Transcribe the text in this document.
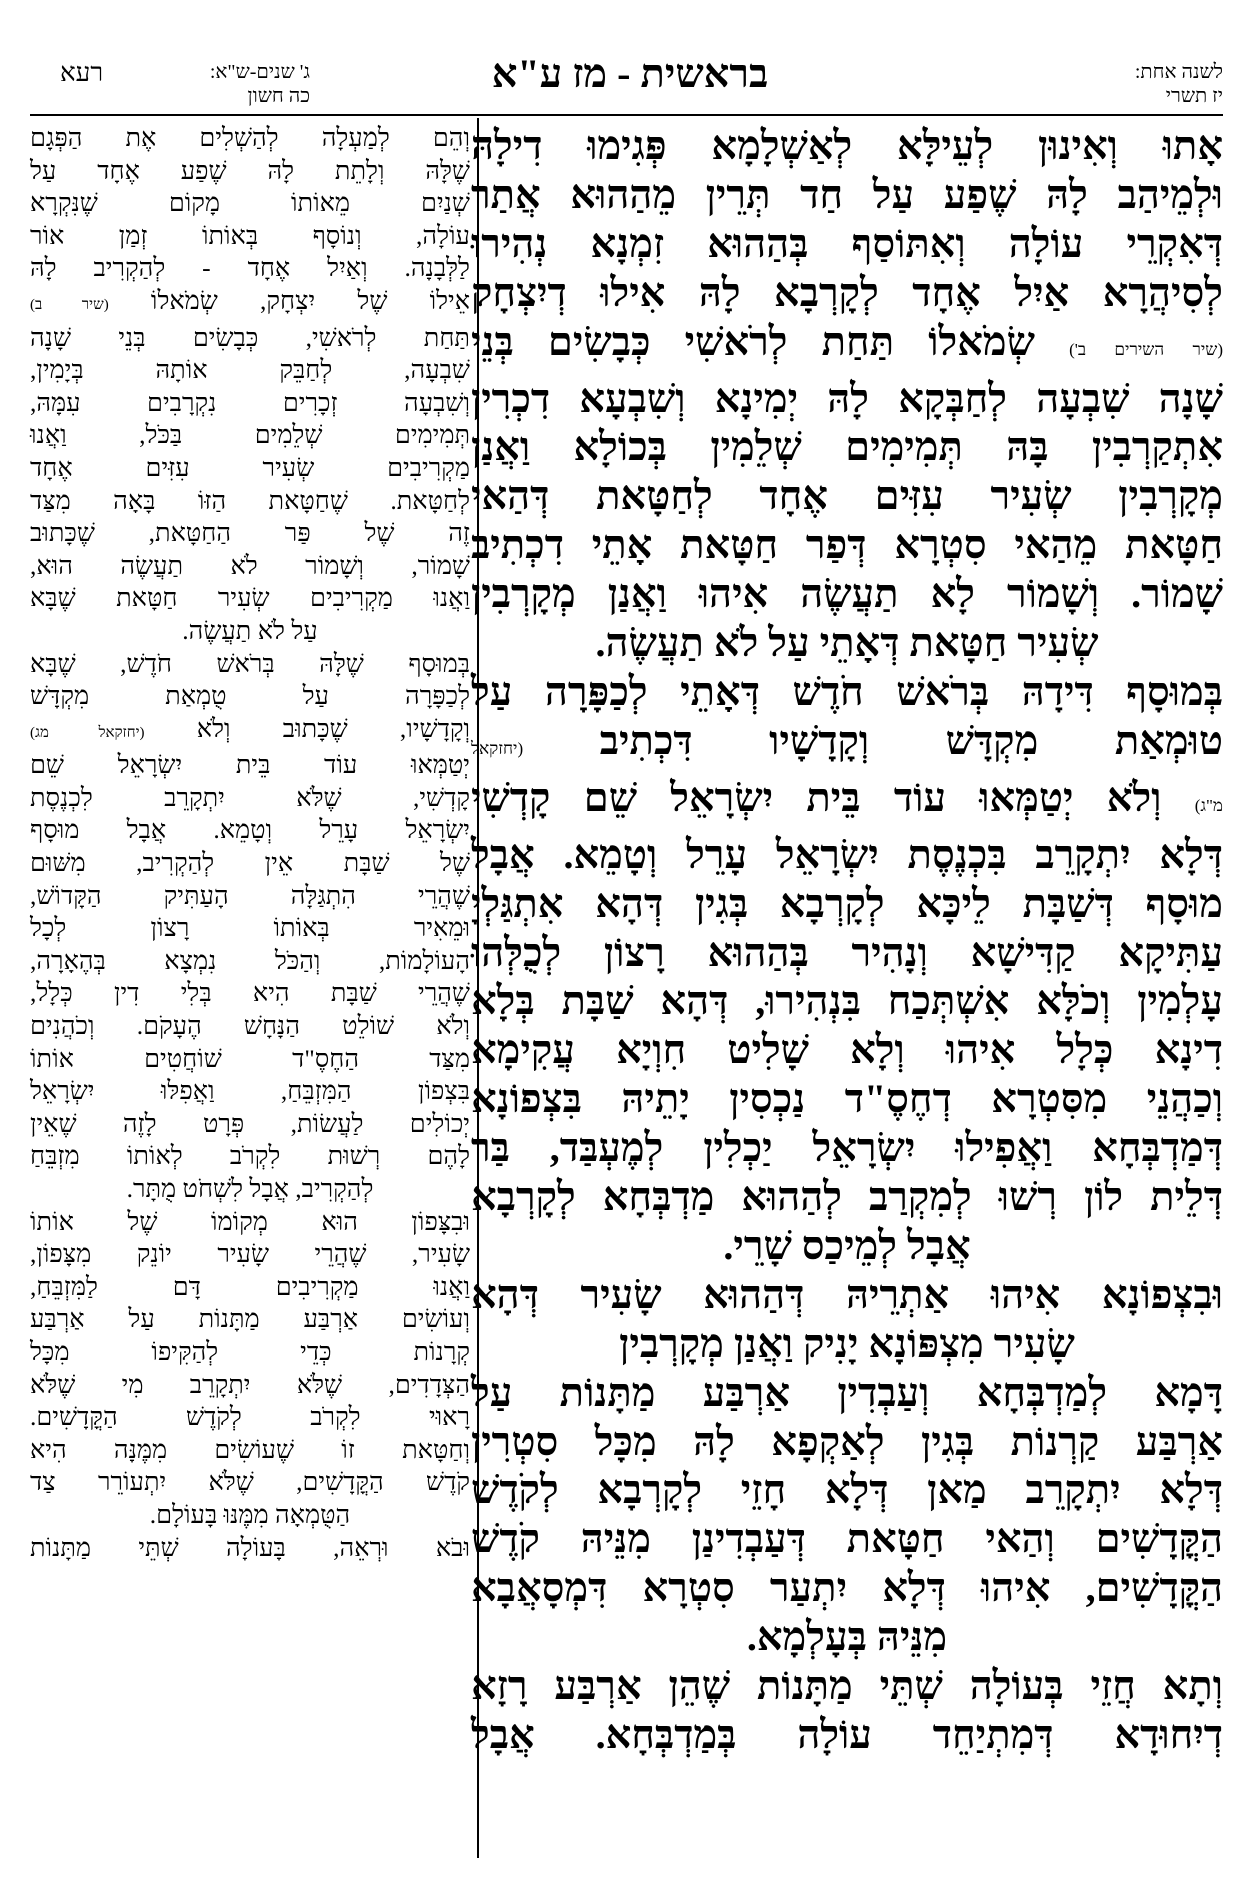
לשנה אחת:
יז תשרי
בראשית - מז ע"א
ג' שנים-ש"א:
כה חשון
רעא

אָתוּ וְאִינוּן לְעֵילָּא לְאַשְׁלָמָא פְּגִימוּ דִילָהּ

וּלְמֵיהַב לָהּ שֶׁפַע עַל חַד תְּרֵין מֵהַהוּא אֲתַר

דְּאִקְרֵי עוֹלָה וְאִתּוֹסַף בְּהַהוּא זִמְנָא נְהִירוּ

לְסִיהֲרָא אַיִל אֶחָד לְקָרְבָא לָהּ אִילוּ דְיִצְחָק

(שיר השירים ב') שְׂמֹאלוֹ תַּחַת לְרֹאשִׁי כְּבָשִׂים בְּנֵי

שָׁנָה שִׁבְעָה לְחַבְּקָא לָהּ יְמִינָא וְשִׁבְעָא דִכְרִין

אִתְקַרְבִין בָּהּ תְּמִימִים שְׁלֵמִין בְּכוֹלָא וַאֲנַן

מְקָרְבִין שְׂעִיר עִזִּים אֶחָד לְחַטָּאת דְּהַאי

חַטָּאת מֵהַאי סִטְרָא דְּפַר חַטָּאת אָתֵי דִכְתִיב

שָׁמוֹר. וְשָׁמוֹר לָא תַעֲשֶׂה אִיהוּ וַאֲנַן מְקָרְבִין

שְׂעִיר חַטָּאת דְּאָתֵי עַל לֹא תַעֲשֶׂה.

בְּמוּסָף דִּידָהּ בְּרֹאשׁ חֹדֶשׁ דְּאָתֵי לְכַפָּרָה עַל

טוּמְאַת מִקְדָּשׁ וְקָדָשָׁיו דִּכְתִיב (יחזקאל

מ"ג) וְלֹא יְטַמְּאוּ עוֹד בֵּית יִשְׂרָאֵל שֵׁם קָדְשִׁי

דְּלָא יִתְקָרֵב בִּכְנֶסֶת יִשְׂרָאֵל עָרֵל וְטָמֵא. אֲבָל

מוּסָף דְּשַׁבָּת לֵיכָּא לְקָרְבָא בְּגִין דְּהָא אִתְגַּלְיָ

עַתִּיקָא קַדִּישָׁא וְנָהִיר בְּהַהוּא רָצוֹן לְכֻלְּהוּ

עָלְמִין וְכֹלָּא אִשְׁתְּכַח בִּנְהִירוּ, דְּהָא שַׁבָּת בְּלָא

דִינָא כְּלָל אִיהוּ וְלָא שָׁלִיט חִוְיָא עֲקִימָא

וְכַהֲנֵי מִסִּטְרָא דְחֶסֶ"ד נַכְסִין יָתֵיהּ בִּצְפוֹנָא

דְּמַדְבְּחָא וַאֲפִילוּ יִשְׂרָאֵל יַכְלִין לְמֶעְבַּד, בַּר

דְּלֵית לוֹן רְשׁוּ לְמִקְרַב לְהַהוּא מַדְבְּחָא לְקָרְבָא

אֲבָל לְמֵיכַס שָׁרֵי.

וּבִצְפוֹנָא אִיהוּ אַתְרֵיהּ דְּהַהוּא שָׂעִיר דְּהָא

שָׂעִיר מִצְפּוֹנָא יָנִיק וַאֲנַן מְקָרְבִין

דָּמָא לְמַדְבְּחָא וְעַבְדִין אַרְבַּע מַתָּנוֹת עַל

אַרְבַּע קַרְנוֹת בְּגִין לְאַקְפָא לָהּ מִכָּל סִטְרִין

דְּלָא יִתְקָרֵב מַאן דְּלָא חָזֵי לְקָרְבָא לְקֹדֶשׁ

הַקֳּדָשִׁים וְהַאי חַטָּאת דְּעַבְדִינַן מִנֵּיהּ קֹדֶשׁ

הַקֳּדָשִׁים, אִיהוּ דְּלָא יִתְעַר סִטְרָא דִּמְסָאֲבָא

מִנֵּיהּ בְּעָלְמָא.

וְתָא חֲזֵי בְּעוֹלָה שְׁתֵּי מַתָּנוֹת שֶׁהֵן אַרְבַּע רָזָא

דְיִחוּדָא דְּמִתְיַחֵד עוֹלָה בְּמַדְבְּחָא. אֲבָל

וְהֵם לְמַעְלָה לְהַשְׁלִים אֶת הַפְּגָם

שֶׁלָּהּ וְלָתֵת לָהּ שֶׁפַע אֶחָד עַל

שְׁנַיִם מֵאוֹתוֹ מָקוֹם שֶׁנִּקְרָא

עוֹלָה, וְנוֹסָף בְּאוֹתוֹ זְמַן אוֹר

לַלְּבָנָה. וְאַיִל אֶחָד - לְהַקְרִיב לָהּ

אֵילוֹ שֶׁל יִצְחָק, שְׂמֹאלוֹ (שיר ב)

תַּחַת לְרֹאשִׁי, כְּבָשִׂים בְּנֵי שָׁנָה

שִׁבְעָה, לְחַבֵּק אוֹתָהּ בְּיָמִין,

וְשִׁבְעָה זְכָרִים נִקְרָבִים עִמָּהּ,

תְּמִימִים שְׁלֵמִים בַּכֹּל, וַאֲנוּ

מַקְרִיבִים שְׂעִיר עִזִּים אֶחָד

לְחַטָּאת. שֶׁחַטָּאת הַזּוֹ בָּאָה מִצַּד

זֶה שֶׁל פַּר הַחַטָּאת, שֶׁכָּתוּב

שָׁמוֹר, וְשָׁמוֹר לֹא תַעֲשֶׂה הוּא,

וַאֲנוּ מַקְרִיבִים שְׂעִיר חַטָּאת שֶׁבָּא

עַל לֹא תַעֲשֶׂה.

בְּמוּסָף שֶׁלָּהּ בְּרֹאשׁ חֹדֶשׁ, שֶׁבָּא

לְכַפָּרָה עַל טֻמְאַת מִקְדָּשׁ

וְקָדָשָׁיו, שֶׁכָּתוּב וְלֹא (יחזקאל מג)

יְטַמְּאוּ עוֹד בֵּית יִשְׂרָאֵל שֵׁם

קָדְשִׁי, שֶׁלֹּא יִתְקָרֵב לִכְנֶסֶת

יִשְׂרָאֵל עָרֵל וְטָמֵא. אֲבָל מוּסָף

שֶׁל שַׁבָּת אֵין לְהַקְרִיב, מִשּׁוּם

שֶׁהֲרֵי הִתְגַּלָּה הָעַתִּיק הַקָּדוֹשׁ,

וּמֵאִיר בְּאוֹתוֹ רָצוֹן לְכָל

הָעוֹלָמוֹת, וְהַכֹּל נִמְצָא בְּהֶאָרָה,

שֶׁהֲרֵי שַׁבָּת הִיא בְּלִי דִין כְּלָל,

וְלֹא שׁוֹלֵט הַנָּחָשׁ הֶעָקֹם. וְכֹהֲנִים

מִצַּד הַחֶסֶ"ד שׁוֹחֲטִים אוֹתוֹ

בִּצְפוֹן הַמִּזְבֵּחַ, וַאֲפִלּוּ יִשְׂרָאֵל

יְכוֹלִים לַעֲשׂוֹת, פְּרָט לָזֶה שֶׁאֵין

לָהֶם רְשׁוּת לִקְרֹב לְאוֹתוֹ מִזְבֵּחַ

לְהַקְרִיב, אֲבָל לִשְׁחֹט מֻתָּר.

וּבִצָּפוֹן הוּא מְקוֹמוֹ שֶׁל אוֹתוֹ

שָׂעִיר, שֶׁהֲרֵי שָׂעִיר יוֹנֵק מִצָּפוֹן,

וַאֲנוּ מַקְרִיבִים דָּם לַמִּזְבֵּחַ,

וְעוֹשִׂים אַרְבַּע מַתָּנוֹת עַל אַרְבַּע

קְרָנוֹת כְּדֵי לְהַקִּיפוֹ מִכָּל

הַצְּדָדִים, שֶׁלֹּא יִתְקָרֵב מִי שֶׁלֹּא

רָאוּי לִקְרֹב לְקֹדֶשׁ הַקֳּדָשִׁים.

וְחַטָּאת זוֹ שֶׁעוֹשִׂים מִמֶּנָּה הִיא

קֹדֶשׁ הַקֳּדָשִׁים, שֶׁלֹּא יִתְעוֹרֵר צַד

הַטֻּמְאָה מִמֶּנּוּ בָּעוֹלָם.

וּבֹא וּרְאֵה, בָּעוֹלָה שְׁתֵּי מַתָּנוֹת
